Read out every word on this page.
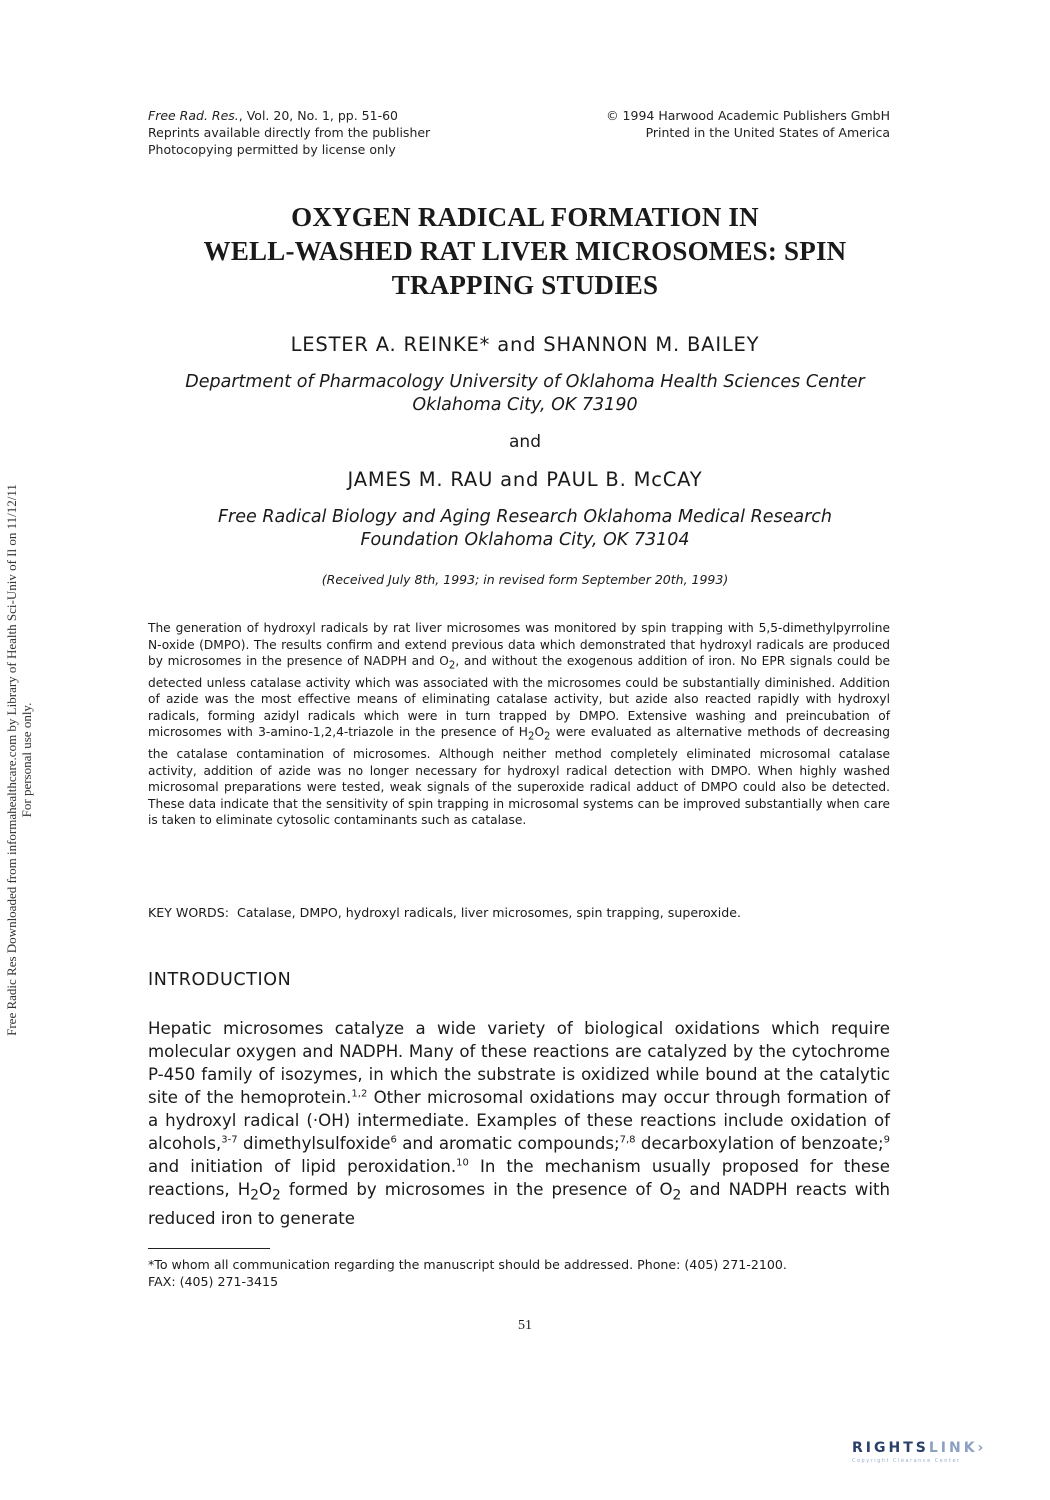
Free Rad. Res., Vol. 20, No. 1, pp. 51-60
Reprints available directly from the publisher
Photocopying permitted by license only
© 1994 Harwood Academic Publishers GmbH
Printed in the United States of America
OXYGEN RADICAL FORMATION IN
WELL-WASHED RAT LIVER MICROSOMES: SPIN
TRAPPING STUDIES
LESTER A. REINKE* and SHANNON M. BAILEY
Department of Pharmacology University of Oklahoma Health Sciences Center
Oklahoma City, OK 73190
and
JAMES M. RAU and PAUL B. McCAY
Free Radical Biology and Aging Research Oklahoma Medical Research
Foundation Oklahoma City, OK 73104
(Received July 8th, 1993; in revised form September 20th, 1993)
The generation of hydroxyl radicals by rat liver microsomes was monitored by spin trapping with 5,5-dimethylpyrroline N-oxide (DMPO). The results confirm and extend previous data which demonstrated that hydroxyl radicals are produced by microsomes in the presence of NADPH and $O_2$, and without the exogenous addition of iron. No EPR signals could be detected unless catalase activity which was associated with the microsomes could be substantially diminished. Addition of azide was the most effective means of eliminating catalase activity, but azide also reacted rapidly with hydroxyl radicals, forming azidyl radicals which were in turn trapped by DMPO. Extensive washing and preincubation of microsomes with 3-amino-1,2,4-triazole in the presence of $H_2O_2$ were evaluated as alternative methods of decreasing the catalase contamination of microsomes. Although neither method completely eliminated microsomal catalase activity, addition of azide was no longer necessary for hydroxyl radical detection with DMPO. When highly washed microsomal preparations were tested, weak signals of the superoxide radical adduct of DMPO could also be detected. These data indicate that the sensitivity of spin trapping in microsomal systems can be improved substantially when care is taken to eliminate cytosolic contaminants such as catalase.
KEY WORDS: Catalase, DMPO, hydroxyl radicals, liver microsomes, spin trapping, superoxide.
INTRODUCTION
Hepatic microsomes catalyze a wide variety of biological oxidations which require molecular oxygen and NADPH. Many of these reactions are catalyzed by the cytochrome P-450 family of isozymes, in which the substrate is oxidized while bound at the catalytic site of the hemoprotein.$^{1,2}$ Other microsomal oxidations may occur through formation of a hydroxyl radical (·OH) intermediate. Examples of these reactions include oxidation of alcohols,$^{3-7}$ dimethylsulfoxide$^6$ and aromatic compounds;$^{7,8}$ decarboxylation of benzoate;$^9$ and initiation of lipid peroxidation.$^{10}$ In the mechanism usually proposed for these reactions, $H_2O_2$ formed by microsomes in the presence of $O_2$ and NADPH reacts with reduced iron to generate
*To whom all communication regarding the manuscript should be addressed. Phone: (405) 271-2100.
FAX: (405) 271-3415
51
Free Radic Res Downloaded from informahealthcare.com by Library of Health Sci-Univ of Il on 11/12/11 For personal use only.
RIGHTSLINK›
Copyright Clearance Center
